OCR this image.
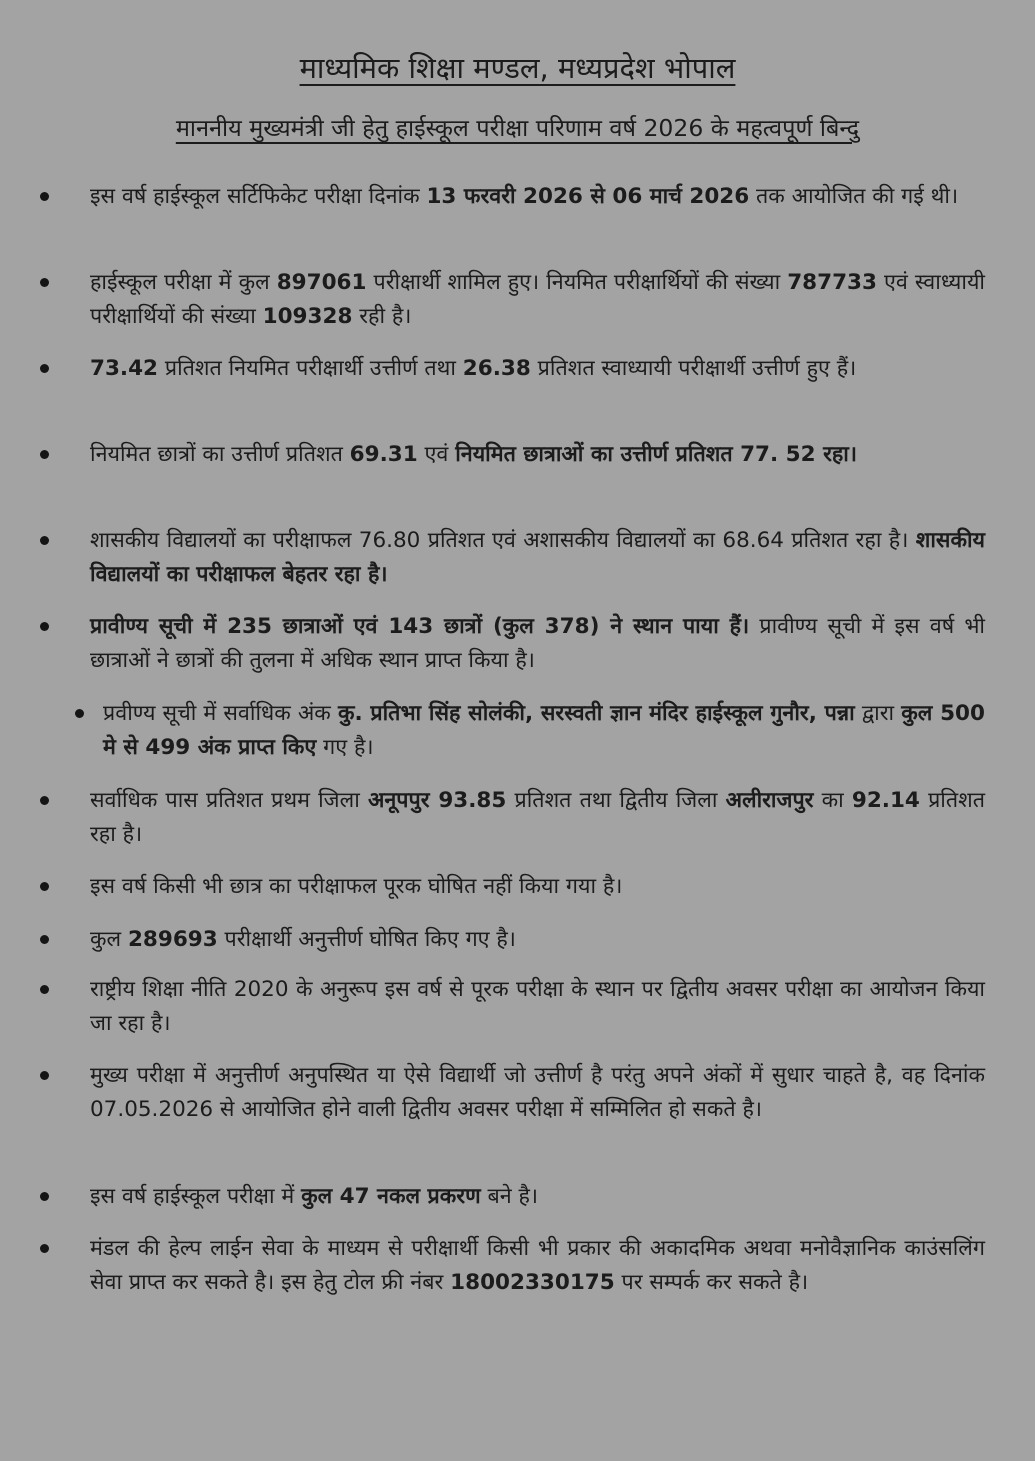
माध्यमिक शिक्षा मण्डल, मध्यप्रदेश भोपाल
माननीय मुख्यमंत्री जी हेतु हाईस्कूल परीक्षा परिणाम वर्ष 2026 के महत्वपूर्ण बिन्दु
इस वर्ष हाईस्कूल सर्टिफिकेट परीक्षा दिनांक 13 फरवरी 2026 से 06 मार्च 2026 तक आयोजित की गई थी।
हाईस्कूल परीक्षा में कुल 897061 परीक्षार्थी शामिल हुए। नियमित परीक्षार्थियों की संख्या 787733 एवं स्वाध्यायी परीक्षार्थियों की संख्या 109328 रही है।
73.42 प्रतिशत नियमित परीक्षार्थी उत्तीर्ण तथा 26.38 प्रतिशत स्वाध्यायी परीक्षार्थी उत्तीर्ण हुए हैं।
नियमित छात्रों का उत्तीर्ण प्रतिशत 69.31 एवं नियमित छात्राओं का उत्तीर्ण प्रतिशत 77. 52 रहा।
शासकीय विद्यालयों का परीक्षाफल 76.80 प्रतिशत एवं अशासकीय विद्यालयों का 68.64 प्रतिशत रहा है। शासकीय विद्यालयों का परीक्षाफल बेहतर रहा है।
प्रावीण्य सूची में 235 छात्राओं एवं 143 छात्रों (कुल 378) ने स्थान पाया हैं। प्रावीण्य सूची में इस वर्ष भी छात्राओं ने छात्रों की तुलना में अधिक स्थान प्राप्त किया है।
प्रवीण्य सूची में सर्वाधिक अंक कु. प्रतिभा सिंह सोलंकी, सरस्वती ज्ञान मंदिर हाईस्कूल गुनौर, पन्ना द्वारा कुल 500 मे से 499 अंक प्राप्त किए गए है।
सर्वाधिक पास प्रतिशत प्रथम जिला अनूपपुर 93.85 प्रतिशत तथा द्वितीय जिला अलीराजपुर का 92.14 प्रतिशत रहा है।
इस वर्ष किसी भी छात्र का परीक्षाफल पूरक घोषित नहीं किया गया है।
कुल 289693 परीक्षार्थी अनुत्तीर्ण घोषित किए गए है।
राष्ट्रीय शिक्षा नीति 2020 के अनुरूप इस वर्ष से पूरक परीक्षा के स्थान पर द्वितीय अवसर परीक्षा का आयोजन किया जा रहा है।
मुख्य परीक्षा में अनुत्तीर्ण अनुपस्थित या ऐसे विद्यार्थी जो उत्तीर्ण है परंतु अपने अंकों में सुधार चाहते है, वह दिनांक 07.05.2026 से आयोजित होने वाली द्वितीय अवसर परीक्षा में सम्मिलित हो सकते है।
इस वर्ष हाईस्कूल परीक्षा में कुल 47 नकल प्रकरण बने है।
मंडल की हेल्प लाईन सेवा के माध्यम से परीक्षार्थी किसी भी प्रकार की अकादमिक अथवा मनोवैज्ञानिक काउंसलिंग सेवा प्राप्त कर सकते है। इस हेतु टोल फ्री नंबर 18002330175 पर सम्पर्क कर सकते है।
